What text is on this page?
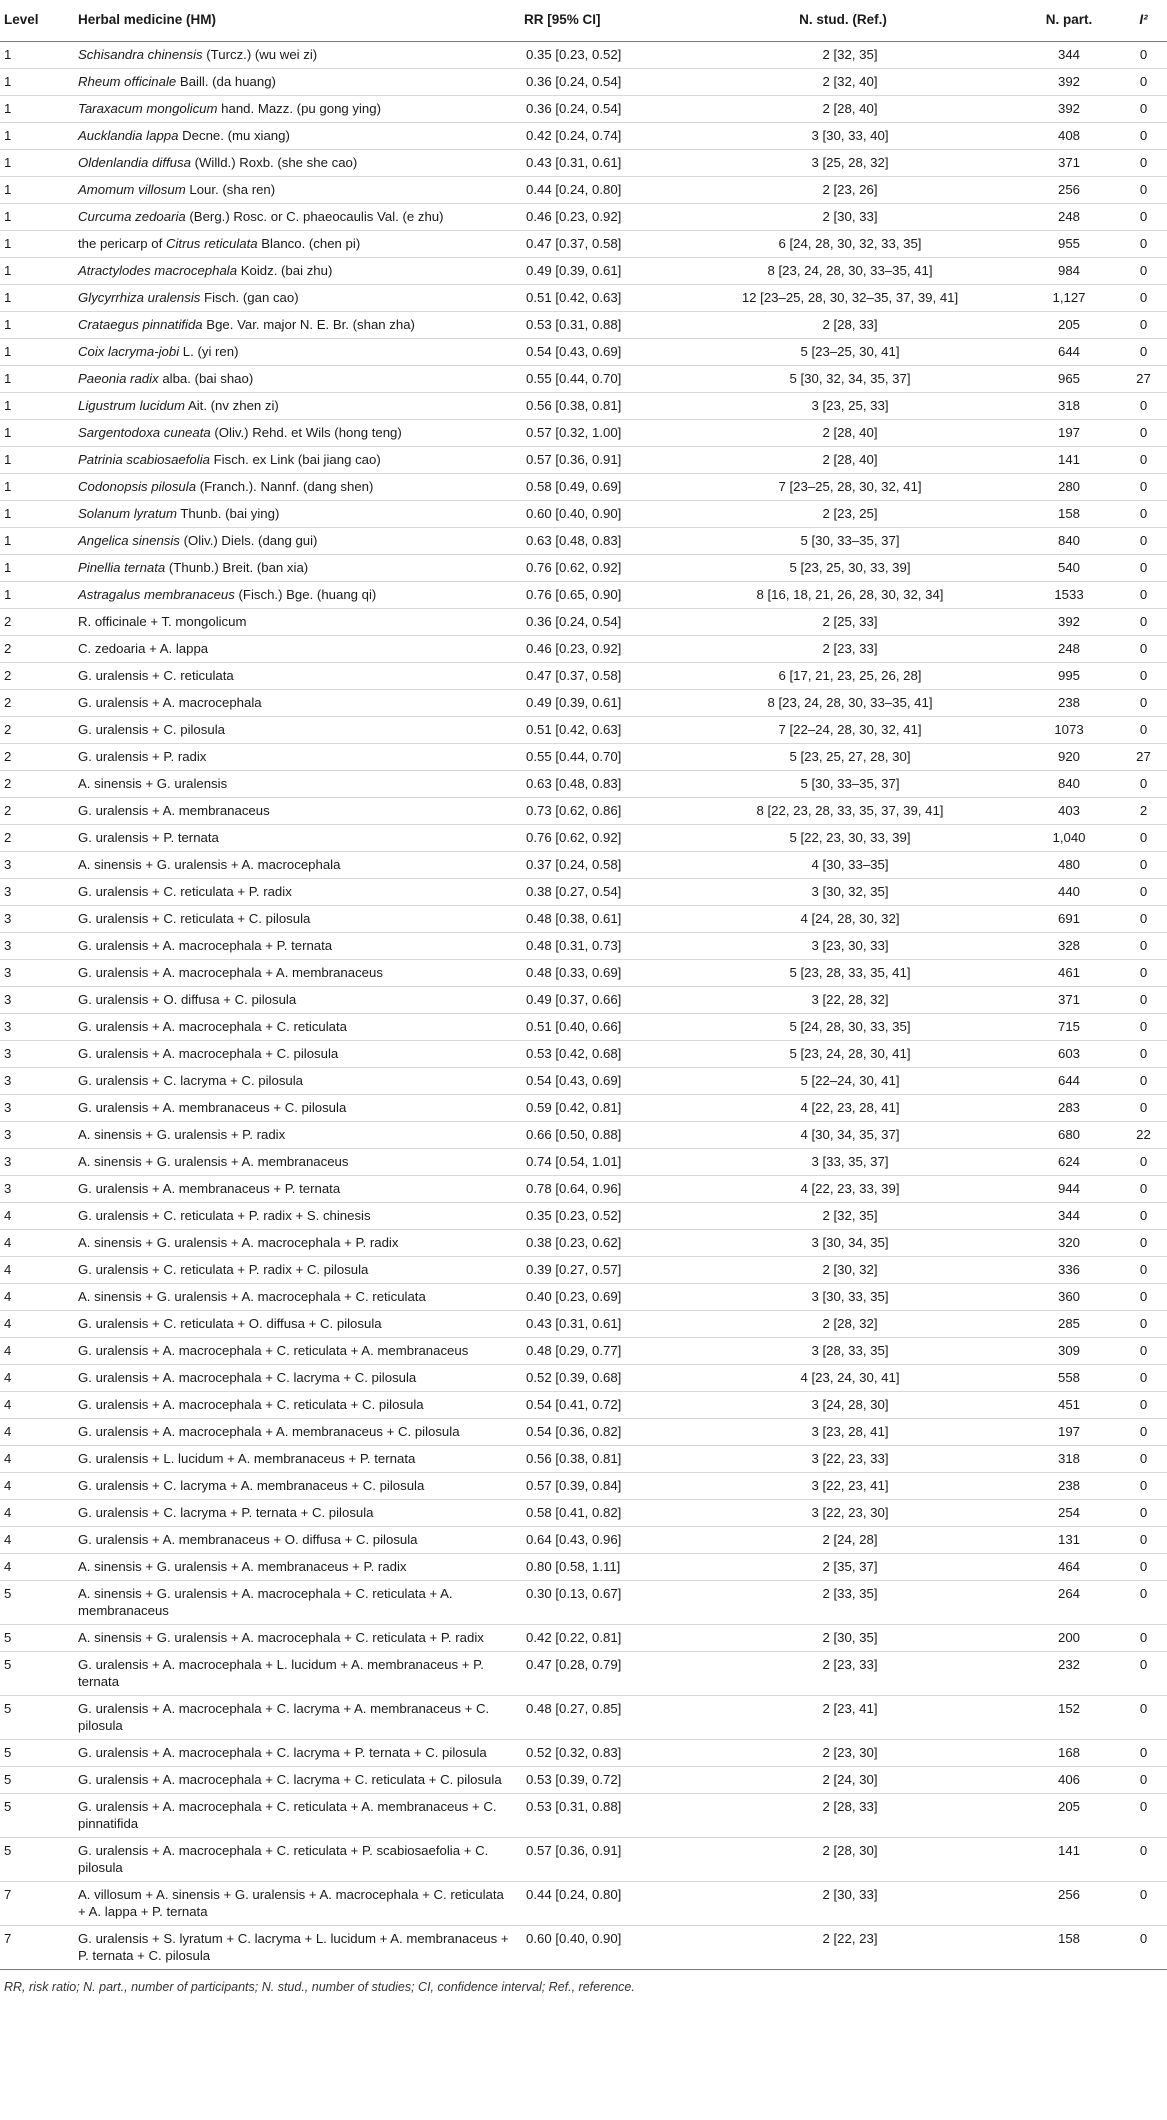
Level	Herbal medicine (HM)	RR [95% CI]	N. stud. (Ref.)	N. part.	I²
1	Schisandra chinensis (Turcz.) (wu wei zi)	0.35 [0.23, 0.52]	2 [32, 35]	344	0
1	Rheum officinale Baill. (da huang)	0.36 [0.24, 0.54]	2 [32, 40]	392	0
1	Taraxacum mongolicum hand. Mazz. (pu gong ying)	0.36 [0.24, 0.54]	2 [28, 40]	392	0
1	Aucklandia lappa Decne. (mu xiang)	0.42 [0.24, 0.74]	3 [30, 33, 40]	408	0
1	Oldenlandia diffusa (Willd.) Roxb. (she she cao)	0.43 [0.31, 0.61]	3 [25, 28, 32]	371	0
1	Amomum villosum Lour. (sha ren)	0.44 [0.24, 0.80]	2 [23, 26]	256	0
1	Curcuma zedoaria (Berg.) Rosc. or C. phaeocaulis Val. (e zhu)	0.46 [0.23, 0.92]	2 [30, 33]	248	0
1	the pericarp of Citrus reticulata Blanco. (chen pi)	0.47 [0.37, 0.58]	6 [24, 28, 30, 32, 33, 35]	955	0
1	Atractylodes macrocephala Koidz. (bai zhu)	0.49 [0.39, 0.61]	8 [23, 24, 28, 30, 33–35, 41]	984	0
1	Glycyrrhiza uralensis Fisch. (gan cao)	0.51 [0.42, 0.63]	12 [23–25, 28, 30, 32–35, 37, 39, 41]	1,127	0
1	Crataegus pinnatifida Bge. Var. major N. E. Br. (shan zha)	0.53 [0.31, 0.88]	2 [28, 33]	205	0
1	Coix lacryma-jobi L. (yi ren)	0.54 [0.43, 0.69]	5 [23–25, 30, 41]	644	0
1	Paeonia radix alba. (bai shao)	0.55 [0.44, 0.70]	5 [30, 32, 34, 35, 37]	965	27
1	Ligustrum lucidum Ait. (nv zhen zi)	0.56 [0.38, 0.81]	3 [23, 25, 33]	318	0
1	Sargentodoxa cuneata (Oliv.) Rehd. et Wils (hong teng)	0.57 [0.32, 1.00]	2 [28, 40]	197	0
1	Patrinia scabiosaefolia Fisch. ex Link (bai jiang cao)	0.57 [0.36, 0.91]	2 [28, 40]	141	0
1	Codonopsis pilosula (Franch.). Nannf. (dang shen)	0.58 [0.49, 0.69]	7 [23–25, 28, 30, 32, 41]	280	0
1	Solanum lyratum Thunb. (bai ying)	0.60 [0.40, 0.90]	2 [23, 25]	158	0
1	Angelica sinensis (Oliv.) Diels. (dang gui)	0.63 [0.48, 0.83]	5 [30, 33–35, 37]	840	0
1	Pinellia ternata (Thunb.) Breit. (ban xia)	0.76 [0.62, 0.92]	5 [23, 25, 30, 33, 39]	540	0
1	Astragalus membranaceus (Fisch.) Bge. (huang qi)	0.76 [0.65, 0.90]	8 [16, 18, 21, 26, 28, 30, 32, 34]	1533	0
2	R. officinale + T. mongolicum	0.36 [0.24, 0.54]	2 [25, 33]	392	0
2	C. zedoaria + A. lappa	0.46 [0.23, 0.92]	2 [23, 33]	248	0
2	G. uralensis + C. reticulata	0.47 [0.37, 0.58]	6 [17, 21, 23, 25, 26, 28]	995	0
2	G. uralensis + A. macrocephala	0.49 [0.39, 0.61]	8 [23, 24, 28, 30, 33–35, 41]	238	0
2	G. uralensis + C. pilosula	0.51 [0.42, 0.63]	7 [22–24, 28, 30, 32, 41]	1073	0
2	G. uralensis + P. radix	0.55 [0.44, 0.70]	5 [23, 25, 27, 28, 30]	920	27
2	A. sinensis + G. uralensis	0.63 [0.48, 0.83]	5 [30, 33–35, 37]	840	0
2	G. uralensis + A. membranaceus	0.73 [0.62, 0.86]	8 [22, 23, 28, 33, 35, 37, 39, 41]	403	2
2	G. uralensis + P. ternata	0.76 [0.62, 0.92]	5 [22, 23, 30, 33, 39]	1,040	0
3	A. sinensis + G. uralensis + A. macrocephala	0.37 [0.24, 0.58]	4 [30, 33–35]	480	0
3	G. uralensis + C. reticulata + P. radix	0.38 [0.27, 0.54]	3 [30, 32, 35]	440	0
3	G. uralensis + C. reticulata + C. pilosula	0.48 [0.38, 0.61]	4 [24, 28, 30, 32]	691	0
3	G. uralensis + A. macrocephala + P. ternata	0.48 [0.31, 0.73]	3 [23, 30, 33]	328	0
3	G. uralensis + A. macrocephala + A. membranaceus	0.48 [0.33, 0.69]	5 [23, 28, 33, 35, 41]	461	0
3	G. uralensis + O. diffusa + C. pilosula	0.49 [0.37, 0.66]	3 [22, 28, 32]	371	0
3	G. uralensis + A. macrocephala + C. reticulata	0.51 [0.40, 0.66]	5 [24, 28, 30, 33, 35]	715	0
3	G. uralensis + A. macrocephala + C. pilosula	0.53 [0.42, 0.68]	5 [23, 24, 28, 30, 41]	603	0
3	G. uralensis + C. lacryma + C. pilosula	0.54 [0.43, 0.69]	5 [22–24, 30, 41]	644	0
3	G. uralensis + A. membranaceus + C. pilosula	0.59 [0.42, 0.81]	4 [22, 23, 28, 41]	283	0
3	A. sinensis + G. uralensis + P. radix	0.66 [0.50, 0.88]	4 [30, 34, 35, 37]	680	22
3	A. sinensis + G. uralensis + A. membranaceus	0.74 [0.54, 1.01]	3 [33, 35, 37]	624	0
3	G. uralensis + A. membranaceus + P. ternata	0.78 [0.64, 0.96]	4 [22, 23, 33, 39]	944	0
4	G. uralensis + C. reticulata + P. radix + S. chinesis	0.35 [0.23, 0.52]	2 [32, 35]	344	0
4	A. sinensis + G. uralensis + A. macrocephala + P. radix	0.38 [0.23, 0.62]	3 [30, 34, 35]	320	0
4	G. uralensis + C. reticulata + P. radix + C. pilosula	0.39 [0.27, 0.57]	2 [30, 32]	336	0
4	A. sinensis + G. uralensis + A. macrocephala + C. reticulata	0.40 [0.23, 0.69]	3 [30, 33, 35]	360	0
4	G. uralensis + C. reticulata + O. diffusa + C. pilosula	0.43 [0.31, 0.61]	2 [28, 32]	285	0
4	G. uralensis + A. macrocephala + C. reticulata + A. membranaceus	0.48 [0.29, 0.77]	3 [28, 33, 35]	309	0
4	G. uralensis + A. macrocephala + C. lacryma + C. pilosula	0.52 [0.39, 0.68]	4 [23, 24, 30, 41]	558	0
4	G. uralensis + A. macrocephala + C. reticulata + C. pilosula	0.54 [0.41, 0.72]	3 [24, 28, 30]	451	0
4	G. uralensis + A. macrocephala + A. membranaceus + C. pilosula	0.54 [0.36, 0.82]	3 [23, 28, 41]	197	0
4	G. uralensis + L. lucidum + A. membranaceus + P. ternata	0.56 [0.38, 0.81]	3 [22, 23, 33]	318	0
4	G. uralensis + C. lacryma + A. membranaceus + C. pilosula	0.57 [0.39, 0.84]	3 [22, 23, 41]	238	0
4	G. uralensis + C. lacryma + P. ternata + C. pilosula	0.58 [0.41, 0.82]	3 [22, 23, 30]	254	0
4	G. uralensis + A. membranaceus + O. diffusa + C. pilosula	0.64 [0.43, 0.96]	2 [24, 28]	131	0
4	A. sinensis + G. uralensis + A. membranaceus + P. radix	0.80 [0.58, 1.11]	2 [35, 37]	464	0
5	A. sinensis + G. uralensis + A. macrocephala + C. reticulata + A. membranaceus	0.30 [0.13, 0.67]	2 [33, 35]	264	0
5	A. sinensis + G. uralensis + A. macrocephala + C. reticulata + P. radix	0.42 [0.22, 0.81]	2 [30, 35]	200	0
5	G. uralensis + A. macrocephala + L. lucidum + A. membranaceus + P. ternata	0.47 [0.28, 0.79]	2 [23, 33]	232	0
5	G. uralensis + A. macrocephala + C. lacryma + A. membranaceus + C. pilosula	0.48 [0.27, 0.85]	2 [23, 41]	152	0
5	G. uralensis + A. macrocephala + C. lacryma + P. ternata + C. pilosula	0.52 [0.32, 0.83]	2 [23, 30]	168	0
5	G. uralensis + A. macrocephala + C. lacryma + C. reticulata + C. pilosula	0.53 [0.39, 0.72]	2 [24, 30]	406	0
5	G. uralensis + A. macrocephala + C. reticulata + A. membranaceus + C. pinnatifida	0.53 [0.31, 0.88]	2 [28, 33]	205	0
5	G. uralensis + A. macrocephala + C. reticulata + P. scabiosaefolia + C. pilosula	0.57 [0.36, 0.91]	2 [28, 30]	141	0
7	A. villosum + A. sinensis + G. uralensis + A. macrocephala + C. reticulata + A. lappa + P. ternata	0.44 [0.24, 0.80]	2 [30, 33]	256	0
7	G. uralensis + S. lyratum + C. lacryma + L. lucidum + A. membranaceus + P. ternata + C. pilosula	0.60 [0.40, 0.90]	2 [22, 23]	158	0
RR, risk ratio; N. part., number of participants; N. stud., number of studies; CI, confidence interval; Ref., reference.
